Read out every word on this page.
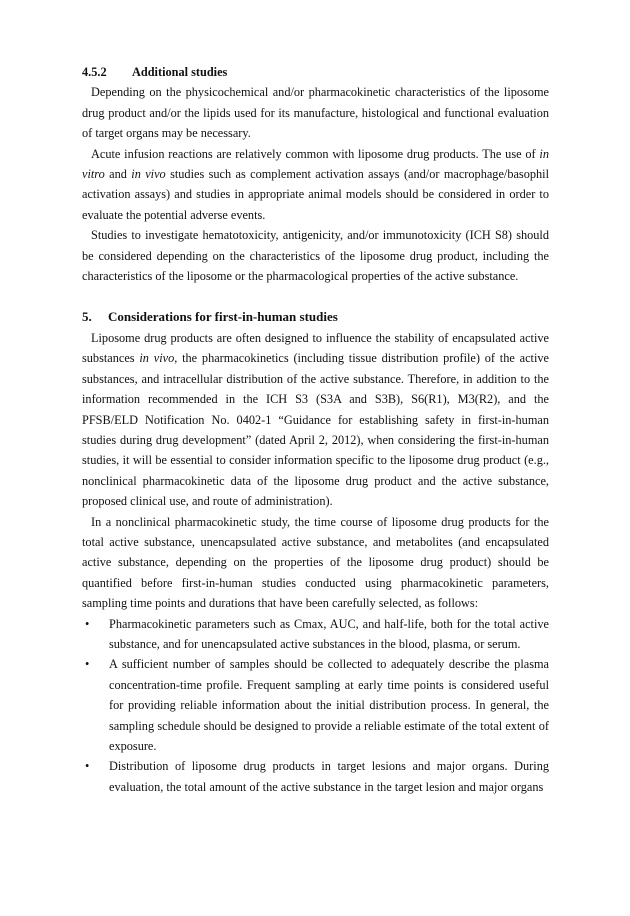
4.5.2 Additional studies

Depending on the physicochemical and/or pharmacokinetic characteristics of the liposome drug product and/or the lipids used for its manufacture, histological and functional evaluation of target organs may be necessary.

Acute infusion reactions are relatively common with liposome drug products. The use of in vitro and in vivo studies such as complement activation assays (and/or macrophage/basophil activation assays) and studies in appropriate animal models should be considered in order to evaluate the potential adverse events.

Studies to investigate hematotoxicity, antigenicity, and/or immunotoxicity (ICH S8) should be considered depending on the characteristics of the liposome drug product, including the characteristics of the liposome or the pharmacological properties of the active substance.

5. Considerations for first-in-human studies

Liposome drug products are often designed to influence the stability of encapsulated active substances in vivo, the pharmacokinetics (including tissue distribution profile) of the active substances, and intracellular distribution of the active substance. Therefore, in addition to the information recommended in the ICH S3 (S3A and S3B), S6(R1), M3(R2), and the PFSB/ELD Notification No. 0402-1 “Guidance for establishing safety in first-in-human studies during drug development” (dated April 2, 2012), when considering the first-in-human studies, it will be essential to consider information specific to the liposome drug product (e.g., nonclinical pharmacokinetic data of the liposome drug product and the active substance, proposed clinical use, and route of administration).

In a nonclinical pharmacokinetic study, the time course of liposome drug products for the total active substance, unencapsulated active substance, and metabolites (and encapsulated active substance, depending on the properties of the liposome drug product) should be quantified before first-in-human studies conducted using pharmacokinetic parameters, sampling time points and durations that have been carefully selected, as follows:

• Pharmacokinetic parameters such as Cmax, AUC, and half-life, both for the total active substance, and for unencapsulated active substances in the blood, plasma, or serum.
• A sufficient number of samples should be collected to adequately describe the plasma concentration-time profile. Frequent sampling at early time points is considered useful for providing reliable information about the initial distribution process. In general, the sampling schedule should be designed to provide a reliable estimate of the total extent of exposure.
• Distribution of liposome drug products in target lesions and major organs. During evaluation, the total amount of the active substance in the target lesion and major organs
